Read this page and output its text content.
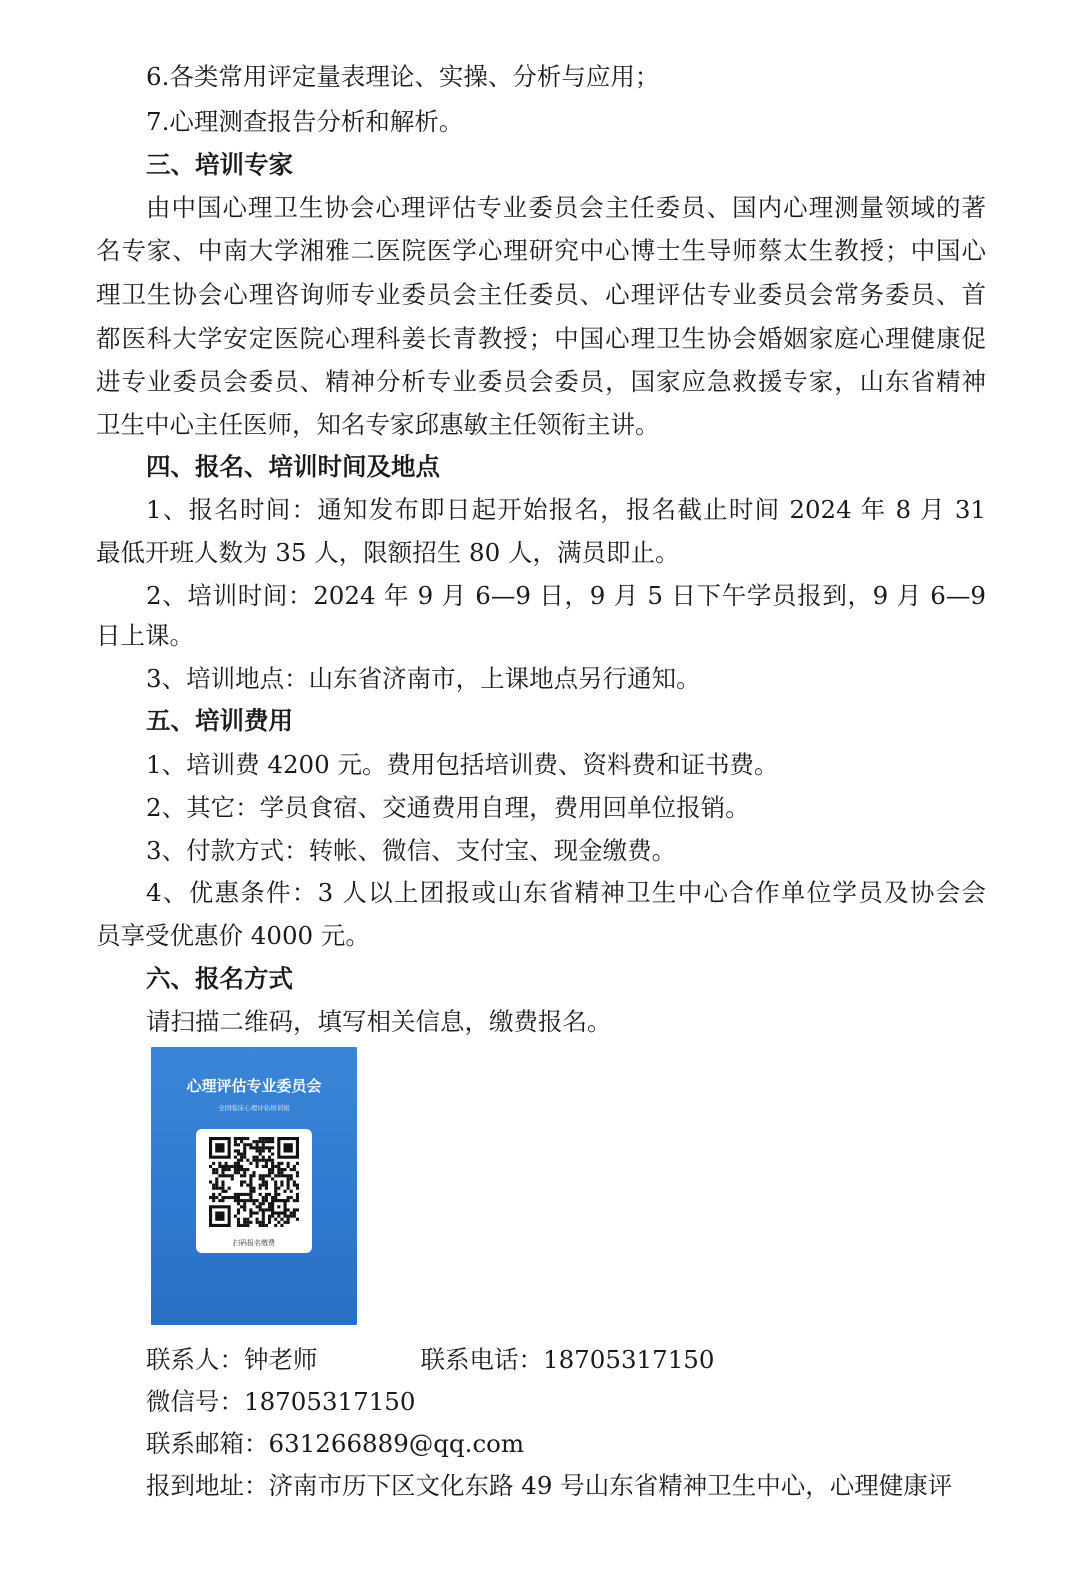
6.各类常用评定量表理论、实操、分析与应用；
7.心理测查报告分析和解析。
三、培训专家
由中国心理卫生协会心理评估专业委员会主任委员、国内心理测量领域的著
名专家、中南大学湘雅二医院医学心理研究中心博士生导师蔡太生教授；中国心
理卫生协会心理咨询师专业委员会主任委员、心理评估专业委员会常务委员、首
都医科大学安定医院心理科姜长青教授；中国心理卫生协会婚姻家庭心理健康促
进专业委员会委员、精神分析专业委员会委员，国家应急救援专家，山东省精神
卫生中心主任医师，知名专家邱惠敏主任领衔主讲。
四、报名、培训时间及地点
1、报名时间：通知发布即日起开始报名，报名截止时间 2024 年 8 月 31
最低开班人数为 35 人，限额招生 80 人，满员即止。
2、培训时间：2024 年 9 月 6—9 日，9 月 5 日下午学员报到，9 月 6—9
日上课。
3、培训地点：山东省济南市，上课地点另行通知。
五、培训费用
1、培训费 4200 元。费用包括培训费、资料费和证书费。
2、其它：学员食宿、交通费用自理，费用回单位报销。
3、付款方式：转帐、微信、支付宝、现金缴费。
4、优惠条件：3 人以上团报或山东省精神卫生中心合作单位学员及协会会
员享受优惠价 4000 元。
六、报名方式
请扫描二维码，填写相关信息，缴费报名。
心理评估专业委员会
全国临床心理评估培训班
扫码报名缴费
联系人：钟老师	联系电话：18705317150
微信号：18705317150
联系邮箱：631266889@qq.com
报到地址：济南市历下区文化东路 49 号山东省精神卫生中心，心理健康评
